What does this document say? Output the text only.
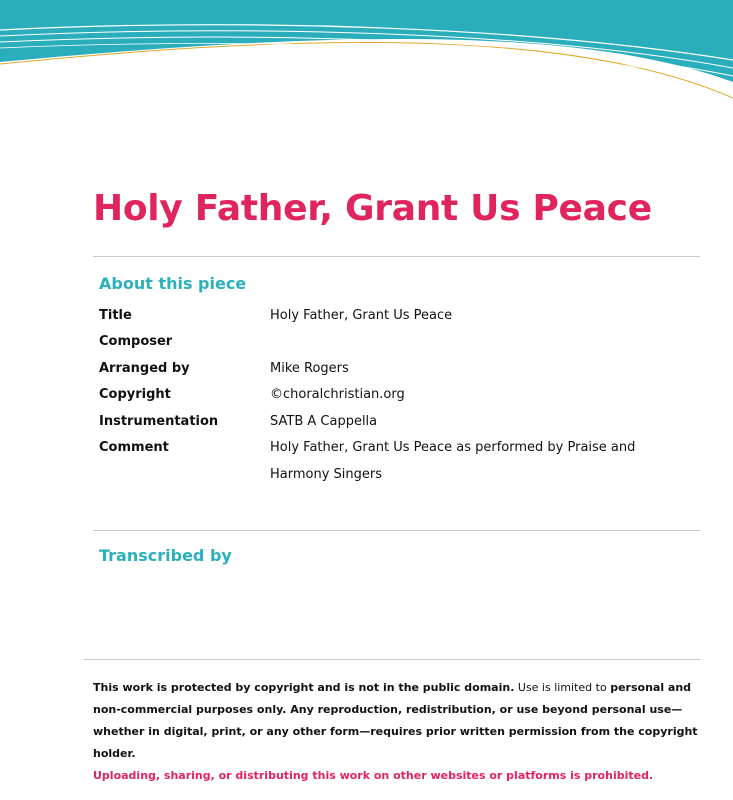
Holy Father, Grant Us Peace
About this piece
Title	Holy Father, Grant Us Peace
Composer
Arranged by	Mike Rogers
Copyright	©choralchristian.org
Instrumentation	SATB A Cappella
Comment	Holy Father, Grant Us Peace as performed by Praise and Harmony Singers
Transcribed by
This work is protected by copyright and is not in the public domain. Use is limited to personal and non-commercial purposes only. Any reproduction, redistribution, or use beyond personal use—whether in digital, print, or any other form—requires prior written permission from the copyright holder.
Uploading, sharing, or distributing this work on other websites or platforms is prohibited.
